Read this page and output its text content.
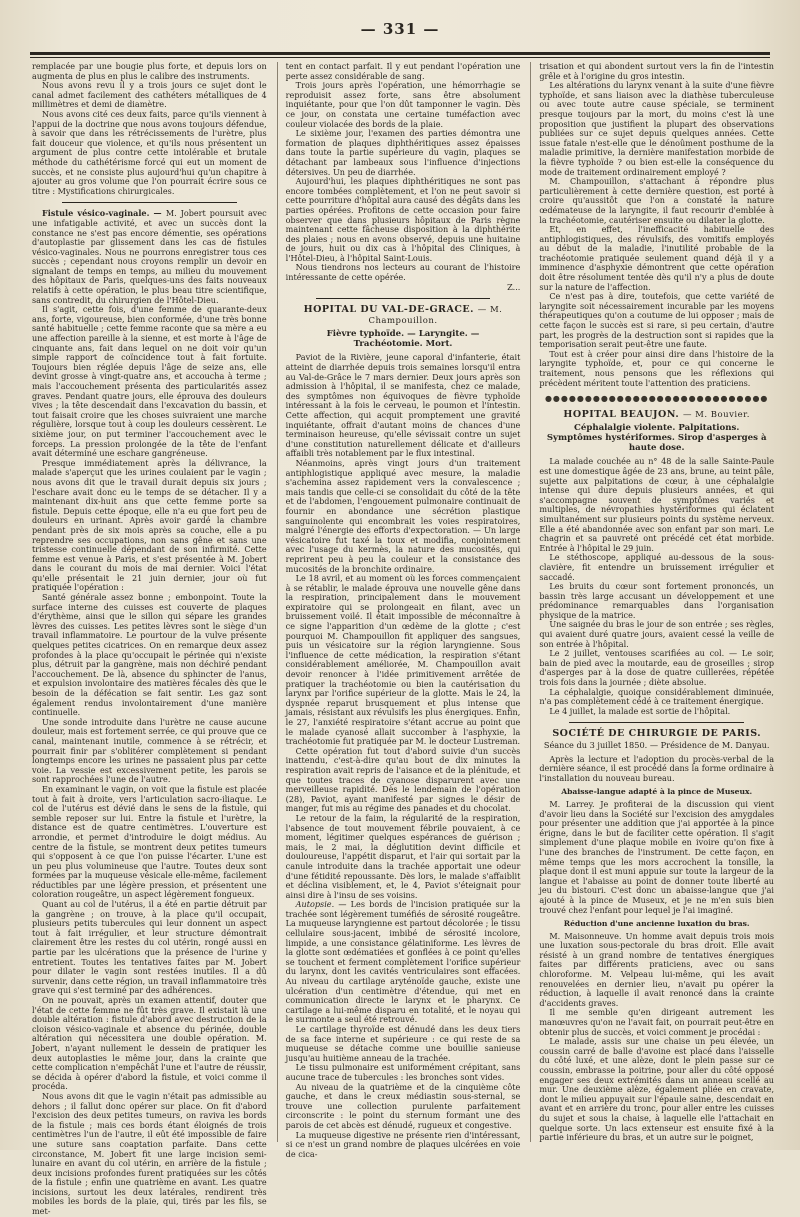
— 331 —

remplacée par une bougie plus forte, et depuis lors on augmenta de plus en plus le calibre des instruments.

Nous avons revu il y a trois jours ce sujet dont le canal admet facilement des cathéters métalliques de 4 millimètres et demi de diamètre.

Nous avons cité ces deux faits, parce qu'ils viennent à l'appui de la doctrine que nous avons toujours défendue, à savoir que dans les rétrécissements de l'urètre, plus fait douceur que violence, et qu'ils nous présentent un argument de plus contre cette intolérable et brutale méthode du cathétérisme forcé qui eut un moment de succès, et ne consiste plus aujourd'hui qu'un chapitre à ajouter au gros volume que l'on pourrait écrire sous ce titre : Mystifications chirurgicales.

Fistule vésico-vaginale. — M. Jobert poursuit avec une infatigable activité, et avec un succès dont la constance ne s'est pas encore démentie, ses opérations d'autoplastie par glissement dans les cas de fistules vésico-vaginales. Nous ne pourrons enregistrer tous ces succès ; cependant nous croyons remplir un devoir en signalant de temps en temps, au milieu du mouvement des hôpitaux de Paris, quelques-uns des faits nouveaux relatifs à cette opération, le plus beau titre scientifique, sans contredit, du chirurgien de l'Hôtel-Dieu.

Il s'agit, cette fois, d'une femme de quarante-deux ans, forte, vigoureuse, bien conformée, d'une très bonne santé habituelle ; cette femme raconte que sa mère a eu une affection pareille à la sienne, et est morte à l'âge de cinquante ans, fait dans lequel on ne doit voir qu'un simple rapport de coïncidence tout à fait fortuite. Toujours bien réglée depuis l'âge de seize ans, elle devint grosse à vingt-quatre ans, et accoucha à terme ; mais l'accouchement présenta des particularités assez graves. Pendant quatre jours, elle éprouva des douleurs vives ; la tête descendait dans l'excavation du bassin, et tout faisait croire que les choses suivraient une marche régulière, lorsque tout à coup les douleurs cessèrent. Le sixième jour, on put terminer l'accouchement avec le forceps. La pression prolongée de la tête de l'enfant avait déterminé une eschare gangréneuse.

Presque immédiatement après la délivrance, la malade s'aperçut que les urines coulaient par le vagin ; nous avons dit que le travail durait depuis six jours ; l'eschare avait donc eu le temps de se détacher. Il y a maintenant dix-huit ans que cette femme porte sa fistule. Depuis cette époque, elle n'a eu que fort peu de douleurs en urinant. Après avoir gardé la chambre pendant près de six mois après sa couche, elle a pu reprendre ses occupations, non sans gêne et sans une tristesse continuelle dépendant de son infirmité. Cette femme est venue à Paris, et s'est présentée à M. Jobert dans le courant du mois de mai dernier. Voici l'état qu'elle présentait le 21 juin dernier, jour où fut pratiquée l'opération :

Santé générale assez bonne ; embonpoint. Toute la surface interne des cuisses est couverte de plaques d'érythème, ainsi que le sillon qui sépare les grandes lèvres des cuisses. Les petites lèvres sont le siège d'un travail inflammatoire. Le pourtour de la vulve présente quelques petites cicatrices. On en remarque deux assez profondes à la place qu'occupait le périnée qui n'existe plus, détruit par la gangrène, mais non déchiré pendant l'accouchement. De là, absence du sphincter de l'anus, et expulsion involontaire des matières fécales dès que le besoin de la défécation se fait sentir. Les gaz sont également rendus involontairement d'une manière continuelle.

Une sonde introduite dans l'urètre ne cause aucune douleur, mais est fortement serrée, ce qui prouve que ce canal, maintenant inutile, commence à se rétrécir, et pourrait finir par s'oblitérer complètement si pendant longtemps encore les urines ne passaient plus par cette voie. La vessie est excessivement petite, les parois se sont rapprochées l'une de l'autre.

En examinant le vagin, on voit que la fistule est placée tout à fait à droite, vers l'articulation sacro-iliaque. Le col de l'utérus est dévié dans le sens de la fistule, qui semble reposer sur lui. Entre la fistule et l'urètre, la distance est de quatre centimètres. L'ouverture est arrondie, et permet d'introduire le doigt médius. Au centre de la fistule, se montrent deux petites tumeurs qui s'opposent à ce que l'on puisse l'écarter. L'une est un peu plus volumineuse que l'autre. Toutes deux sont formées par la muqueuse vésicale elle-même, facilement réductibles par une légère pression, et présentent une coloration rougeâtre, un aspect légèrement fongueux.

Quant au col de l'utérus, il a été en partie détruit par la gangrène ; on trouve, à la place qu'il occupait, plusieurs petits tubercules qui leur donnent un aspect tout à fait irrégulier, et leur structure démontrait clairement être les restes du col utérin, rongé aussi en partie par les ulcérations que la présence de l'urine y entretient. Toutes les tentatives faites par M. Jobert pour dilater le vagin sont restées inutiles. Il a dû survenir, dans cette région, un travail inflammatoire très grave qui s'est terminé par des adhérences.

On ne pouvait, après un examen attentif, douter que l'état de cette femme ne fût très grave. Il existait là une double altération : fistule d'abord avec destruction de la cloison vésico-vaginale et absence du périnée, double altération qui nécessitera une double opération. M. Jobert, n'ayant nullement le dessein de pratiquer les deux autoplasties le même jour, dans la crainte que cette complication n'empêchât l'une et l'autre de réussir, se décida à opérer d'abord la fistule, et voici comme il procéda.

Nous avons dit que le vagin n'était pas admissible au dehors ; il fallut donc opérer sur place. On fit d'abord l'excision des deux petites tumeurs, on raviva les bords de la fistule ; mais ces bords étant éloignés de trois centimètres l'un de l'autre, il eût été impossible de faire une suture sans coaptation parfaite. Dans cette circonstance, M. Jobert fit une large incision semi-lunaire en avant du col utérin, en arrière de la fistule ; deux incisions profondes furent pratiquées sur les côtés de la fistule ; enfin une quatrième en avant. Les quatre incisions, surtout les deux latérales, rendirent très mobiles les bords de la plaie, qui, tirés par les fils, se met-

tent en contact parfait. Il y eut pendant l'opération une perte assez considérable de sang.

Trois jours après l'opération, une hémorrhagie se reproduisit assez forte, sans être absolument inquiétante, pour que l'on dût tamponner le vagin. Dès ce jour, on constata une certaine tuméfaction avec couleur violacée des bords de la plaie.

Le sixième jour, l'examen des parties démontra une formation de plaques diphthéritiques assez épaisses dans toute la partie supérieure du vagin, plaques se détachant par lambeaux sous l'influence d'injections détersives. Un peu de diarrhée.

Aujourd'hui, les plaques diphthéritiques ne sont pas encore tombées complètement, et l'on ne peut savoir si cette pourriture d'hôpital aura causé des dégâts dans les parties opérées. Profitons de cette occasion pour faire observer que dans plusieurs hôpitaux de Paris règne maintenant cette fâcheuse disposition à la diphthérite des plaies ; nous en avons observé, depuis une huitaine de jours, huit ou dix cas à l'hôpital des Cliniques, à l'Hôtel-Dieu, à l'hôpital Saint-Louis.

Nous tiendrons nos lecteurs au courant de l'histoire intéressante de cette opérée.

Z...

HOPITAL DU VAL-DE-GRACE. — M. Champouillon.
Fièvre typhoïde. — Laryngite. — Trachéotomie. Mort.

Paviot de la Rivière, jeune caporal d'infanterie, était atteint de diarrhée depuis trois semaines lorsqu'il entra au Val-de-Grâce le 7 mars dernier. Deux jours après son admission à l'hôpital, il se manifesta, chez ce malade, des symptômes non équivoques de fièvre typhoïde intéressant à la fois le cerveau, le poumon et l'intestin. Cette affection, qui acquit promptement une gravité inquiétante, offrait d'autant moins de chances d'une terminaison heureuse, qu'elle sévissait contre un sujet d'une constitution naturellement délicate et d'ailleurs affaibli très notablement par le flux intestinal.

Néanmoins, après vingt jours d'un traitement antiphlogistique appliqué avec mesure, la maladie s'achemina assez rapidement vers la convalescence ; mais tandis que celle-ci se consolidait du côté de la tête et de l'abdomen, l'engouement pulmonaire continuait de fournir en abondance une sécrétion plastique sanguinolente qui encombrait les voies respiratoires, malgré l'énergie des efforts d'expectoration. — Un large vésicatoire fut taxé la toux et modifia, conjointement avec l'usage du kermès, la nature des mucosités, qui reprirent peu à peu la couleur et la consistance des mucosités de la bronchite ordinaire.

Le 18 avril, et au moment où les forces commençaient à se rétablir, le malade éprouva une nouvelle gêne dans la respiration, principalement dans le mouvement expiratoire qui se prolongeait en filant, avec un bruissement voilé. Il était impossible de méconnaître à ce signe l'apparition d'un œdème de la glotte ; c'est pourquoi M. Champouillon fit appliquer des sangsues, puis un vésicatoire sur la région laryngienne. Sous l'influence de cette médication, la respiration s'étant considérablement améliorée, M. Champouillon avait devoir renoncer à l'idée primitivement arrêtée de pratiquer la trachéotomie ou bien la cautérisation du larynx par l'orifice supérieur de la glotte. Mais le 24, la dyspnée reparut brusquement et plus intense que jamais, résistant aux révulsifs les plus énergiques. Enfin, le 27, l'anxiété respiratoire s'étant accrue au point que le malade cyanosé allait succomber à l'asphyxie, la trachéotomie fut pratiquée par M. le docteur Lustreman.

Cette opération fut tout d'abord suivie d'un succès inattendu, c'est-à-dire qu'au bout de dix minutes la respiration avait repris de l'aisance et de la plénitude, et que toutes traces de cyanose disparurent avec une merveilleuse rapidité. Dès le lendemain de l'opération (28), Paviot, ayant manifesté par signes le désir de manger, fut mis au régime des panades et du chocolat.

Le retour de la faim, la régularité de la respiration, l'absence de tout mouvement fébrile pouvaient, à ce moment, légitimer quelques espérances de guérison ; mais, le 2 mai, la déglutition devint difficile et douloureuse, l'appétit disparut, et l'air qui sortait par la canule introduite dans la trachée apportait une odeur d'une fétidité repoussante. Dès lors, le malade s'affaiblit et déclina visiblement, et, le 4, Paviot s'éteignait pour ainsi dire à l'insu de ses voisins.

Autopsie. — Les bords de l'incision pratiquée sur la trachée sont légèrement tuméfiés de sérosité rougeâtre. La muqueuse laryngienne est partout décolorée ; le tissu cellulaire sous-jacent, imbibé de sérosité incolore, limpide, a une consistance gélatiniforme. Les lèvres de la glotte sont œdématiées et gonflées à ce point qu'elles se touchent et ferment complètement l'orifice supérieur du larynx, dont les cavités ventriculaires sont effacées. Au niveau du cartilage aryténoïde gauche, existe une ulcération d'un centimètre d'étendue, qui met en communication directe le larynx et le pharynx. Ce cartilage a lui-même disparu en totalité, et le noyau qui le surmonte a seul été retrouvé.

Le cartilage thyroïde est dénudé dans les deux tiers de sa face interne et supérieure : ce qui reste de sa muqueuse se détache comme une bouillie sanieuse jusqu'au huitième anneau de la trachée.

Le tissu pulmonaire est uniformément crépitant, sans aucune trace de tubercules : les bronches sont vides.

Au niveau de la quatrième et de la cinquième côte gauche, et dans le creux médiastin sous-sternal, se trouve une collection purulente parfaitement circonscrite : le point du sternum formant une des parois de cet abcès est dénudé, rugueux et congestive.

La muqueuse digestive ne présente rien d'intéressant, si ce n'est un grand nombre de plaques ulcérées en voie de cica-

trisation et qui abondent surtout vers la fin de l'intestin grêle et à l'origine du gros intestin.

Les altérations du larynx venant à la suite d'une fièvre typhoïde, et sans liaison avec la diathèse tuberculeuse ou avec toute autre cause spéciale, se terminent presque toujours par la mort, du moins c'est là une proposition que justifient la plupart des observations publiées sur ce sujet depuis quelques années. Cette issue fatale n'est-elle que le dénoûment posthume de la maladie primitive, la dernière manifestation morbide de la fièvre typhoïde ? ou bien est-elle la conséquence du mode de traitement ordinairement employé ?

M. Champouillon, s'attachant à répondre plus particulièrement à cette dernière question, est porté à croire qu'aussitôt que l'on a constaté la nature œdémateuse de la laryngite, il faut recourir d'emblée à la trachéotomie, cautériser ensuite ou dilater la glotte.

Et, en effet, l'inefficacité habituelle des antiphlogistiques, des révulsifs, des vomitifs employés au début de la maladie, l'inutilité probable de la trachéotomie pratiquée seulement quand déjà il y a imminence d'asphyxie démontrent que cette opération doit être résolument tentée dès qu'il n'y a plus de doute sur la nature de l'affection.

Ce n'est pas à dire, toutefois, que cette variété de laryngite soit nécessairement incurable par les moyens thérapeutiques qu'on a coutume de lui opposer ; mais de cette façon le succès est si rare, si peu certain, d'autre part, les progrès de la destruction sont si rapides que la temporisation serait peut-être une faute.

Tout est à créer pour ainsi dire dans l'histoire de la laryngite typhoïde, et, pour ce qui concerne le traitement, nous pensons que les réflexions qui précèdent méritent toute l'attention des praticiens.

●●●●●●●●●●●●●●●●●●●●●●●●●●●●
HOPITAL BEAUJON. — M. Bouvier.
Céphalalgie violente. Palpitations. Symptômes hystériformes. Sirop d'asperges à haute dose.

La malade couchée au n° 48 de la salle Sainte-Paule est une domestique âgée de 23 ans, brune, au teint pâle, sujette aux palpitations de cœur, à une céphalalgie intense qui dure depuis plusieurs années, et qui s'accompagne souvent de symptômes variés et multiples, de névropathies hystériformes qui éclatent simultanément sur plusieurs points du système nerveux. Elle a été abandonnée avec son enfant par son mari. Le chagrin et sa pauvreté ont précédé cet état morbide. Entrée à l'hôpital le 29 juin.

Le stéthoscope, appliqué au-dessous de la sous-clavière, fit entendre un bruissement irrégulier et saccadé.

Les bruits du cœur sont fortement prononcés, un bassin très large accusant un développement et une prédominance remarquables dans l'organisation physique de la matrice.

Une saignée du bras le jour de son entrée ; ses règles, qui avaient duré quatre jours, avaient cessé la veille de son entrée à l'hôpital.

Le 2 juillet, ventouses scarifiées au col. — Le soir, bain de pied avec la moutarde, eau de groseilles ; sirop d'asperges par à la dose de quatre cuillerées, répétée trois fois dans la journée ; diète absolue.

La céphalalgie, quoique considérablement diminuée, n'a pas complètement cédé à ce traitement énergique.

Le 4 juillet, la malade est sortie de l'hôpital.

SOCIÉTÉ DE CHIRURGIE DE PARIS.
Séance du 3 juillet 1850. — Présidence de M. Danyau.

Après la lecture et l'adoption du procès-verbal de la dernière séance, il est procédé dans la forme ordinaire à l'installation du nouveau bureau.

Abaisse-langue adapté à la pince de Museux.

M. Larrey. Je profiterai de la discussion qui vient d'avoir lieu dans la Société sur l'excision des amygdales pour présenter une addition que j'ai apportée à la pince érigne, dans le but de faciliter cette opération. Il s'agit simplement d'une plaque mobile en ivoire qu'on fixe à l'une des branches de l'instrument. De cette façon, en même temps que les mors accrochent la tonsille, la plaque dont il est muni appuie sur toute la largeur de la langue et l'abaisse au point de donner toute liberté au jeu du bistouri. C'est donc un abaisse-langue que j'ai ajouté à la pince de Museux, et je ne m'en suis bien trouvé chez l'enfant pour lequel je l'ai imaginé.

Réduction d'une ancienne luxation du bras.

M. Maisonneuve. Un homme avait depuis trois mois une luxation sous-pectorale du bras droit. Elle avait résisté à un grand nombre de tentatives énergiques faites par différents praticiens, avec ou sans chloroforme. M. Velpeau lui-même, qui les avait renouvelées en dernier lieu, n'avait pu opérer la réduction, à laquelle il avait renoncé dans la crainte d'accidents graves.

Il me semble qu'en dirigeant autrement les manœuvres qu'on ne l'avait fait, on pourrait peut-être en obtenir plus de succès, et voici comment je procédai :

Le malade, assis sur une chaise un peu élevée, un coussin carré de balle d'avoine est placé dans l'aisselle du côté luxé, et une alèze, dont le plein passe sur ce coussin, embrasse la poitrine, pour aller du côté opposé engager ses deux extrémités dans un anneau scellé au mur. Une deuxième alèze, également pliée en cravate, dont le milieu appuyait sur l'épaule saine, descendait en avant et en arrière du tronc, pour aller entre les cuisses du sujet et sous la chaise, à laquelle elle l'attachait en quelque sorte. Un lacs extenseur est ensuite fixé à la partie inférieure du bras, et un autre sur le poignet,
